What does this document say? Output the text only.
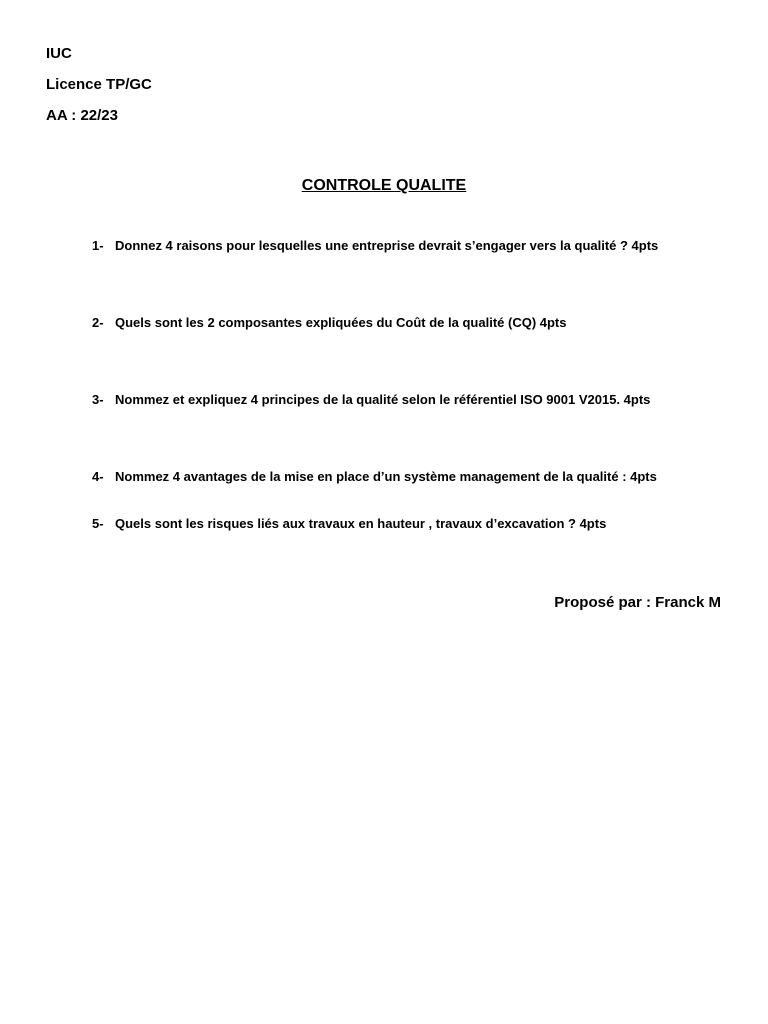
IUC
Licence TP/GC
AA : 22/23
CONTROLE QUALITE
1- Donnez 4 raisons pour lesquelles une entreprise devrait s’engager vers la qualité ? 4pts
2- Quels sont les 2 composantes expliquées du Coût de la qualité (CQ) 4pts
3- Nommez et expliquez 4 principes de la qualité selon le référentiel ISO 9001 V2015. 4pts
4- Nommez 4 avantages de la mise en place d’un système management de la qualité : 4pts
5- Quels sont les risques liés aux travaux en hauteur , travaux d’excavation ? 4pts
Proposé par : Franck M
